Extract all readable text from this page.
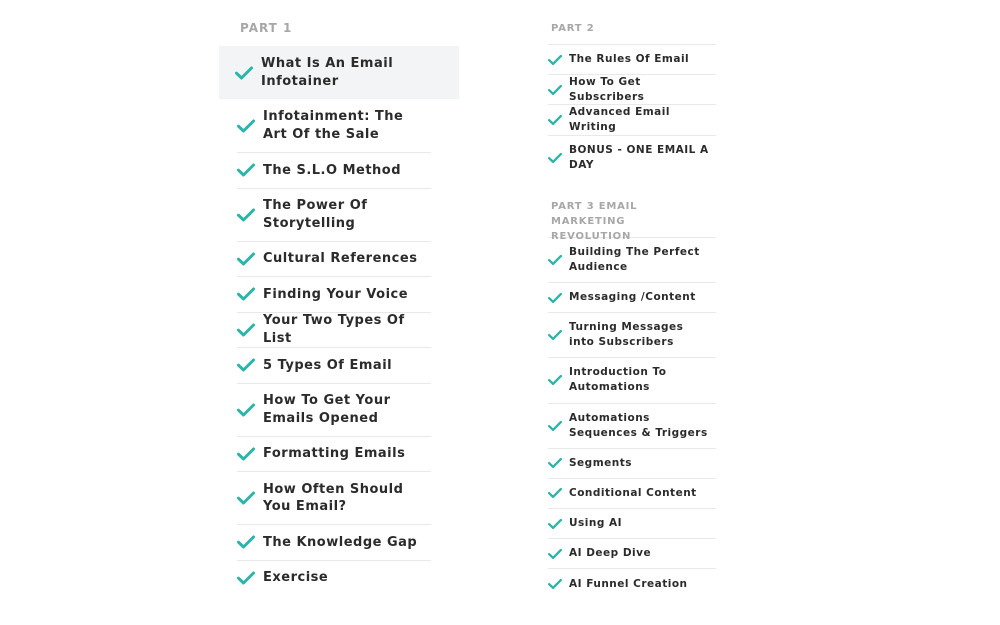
PART 1
What Is An Email Infotainer
Infotainment: The Art Of the Sale
The S.L.O Method
The Power Of Storytelling
Cultural References
Finding Your Voice
Your Two Types Of List
5 Types Of Email
How To Get Your Emails Opened
Formatting Emails
How Often Should You Email?
The Knowledge Gap
Exercise
PART 2
The Rules Of Email
How To Get Subscribers
Advanced Email Writing
BONUS - ONE EMAIL A DAY
PART 3 EMAIL MARKETING REVOLUTION
Building The Perfect Audience
Messaging /Content
Turning Messages into Subscribers
Introduction To Automations
Automations Sequences & Triggers
Segments
Conditional Content
Using AI
AI Deep Dive
AI Funnel Creation
